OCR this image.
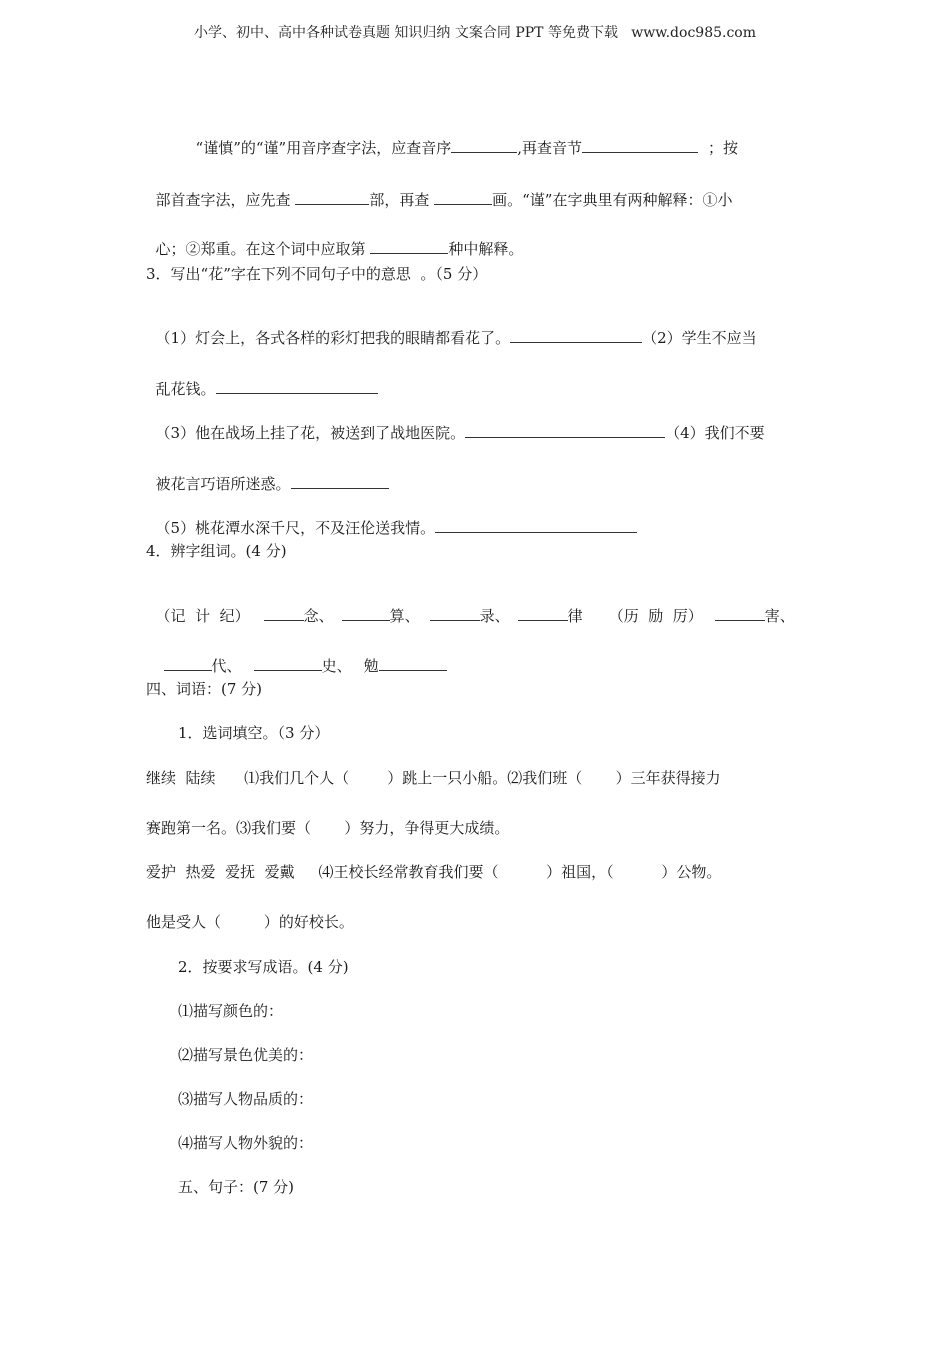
小学、初中、高中各种试卷真题 知识归纳 文案合同 PPT 等免费下载   www.doc985.com

“谨慎”的“谨”用音序查字法，应查音序	,再查音节	；按

部首查字法，应先查	部，再查	画。“谨”在字典里有两种解释：①小

心；②郑重。在这个词中应取第	种中解释。

3．写出“花”字在下列不同句子中的意思  。（5 分）

（1）灯会上，各式各样的彩灯把我的眼睛都看花了。	（2）学生不应当

乱花钱。

（3）他在战场上挂了花，被送到了战地医院。	（4）我们不要

被花言巧语所迷惑。

（5）桃花潭水深千尺，不及汪伦送我情。

4．辨字组词。(4 分)

（记  计  纪）	念、	算、	录、	律 （历  励  厉）	害、

代、	史、 勉

四、词语：(7 分)
1．选词填空。（3 分）
继续  陆续      ⑴我们几个人（        ）跳上一只小船。⑵我们班（       ）三年获得接力
赛跑第一名。⑶我们要（       ）努力，争得更大成绩。
爱护  热爱  爱抚  爱戴     ⑷王校长经常教育我们要（          ）祖国，（          ）公物。
他是受人（         ）的好校长。
2．按要求写成语。(4 分)
⑴描写颜色的：
⑵描写景色优美的：
⑶描写人物品质的：
⑷描写人物外貌的：
五、句子：(7 分)
